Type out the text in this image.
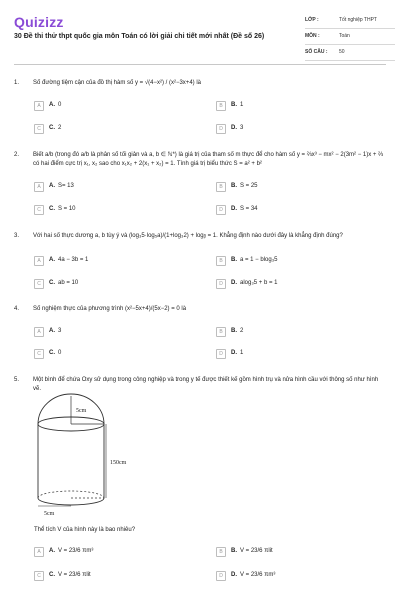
Quizizz
30 Đề thi thử thpt quốc gia môn Toán có lời giải chi tiết mới nhất (Đề số 26)
LỚP :	Tốt nghiệp THPT
MÔN :	Toán
SỐ CÂU : 50
1. Số đường tiệm cận của đồ thị hàm số y = √(4−x²) / (x²−3x+4) là
A	A. 0	B	B. 1
C	C. 2	D	D. 3
2. Biết a/b (trong đó a/b là phân số tối giản và a, b ∈ ℕ*) là giá trị của tham số m thực để cho hàm số y = ⅔x³ − mx² − 2(3m² − 1)x + ⅔ có hai điểm cực trị x₁, x₂ sao cho x₁x₂ + 2(x₁ + x₂) = 1. Tính giá trị biểu thức S = a² + b²
A	A. S= 13	B	B. S = 25
C	C. S = 10	D	D. S = 34
3. Với hai số thực dương a, b tùy ý và (log₃5·log₅a)/(1+log₃2) + logᵦ = 1. Khẳng định nào dưới đây là khẳng định đúng?
A	A. 4a − 3b = 1	B	B. a = 1 − blog₃5
C	C. ab = 10	D	D. alog₃5 + b = 1
4. Số nghiệm thực của phương trình (x²−5x+4)/(5x−2) = 0 là
A	A. 3	B	B. 2
C	C. 0	D	D. 1
5. Một bình để chứa Oxy sử dụng trong công nghiệp và trong y tế được thiết kế gồm hình trụ và nửa hình cầu với thông số như hình vẽ.
5cm
150cm
5cm
Thể tích V của hình này là bao nhiêu?
A	A. V = 23/6 πm³	B	B. V = 23/6 πlit
C	C. V = 23/6 πlit	D	D. V = 23/6 πm³
